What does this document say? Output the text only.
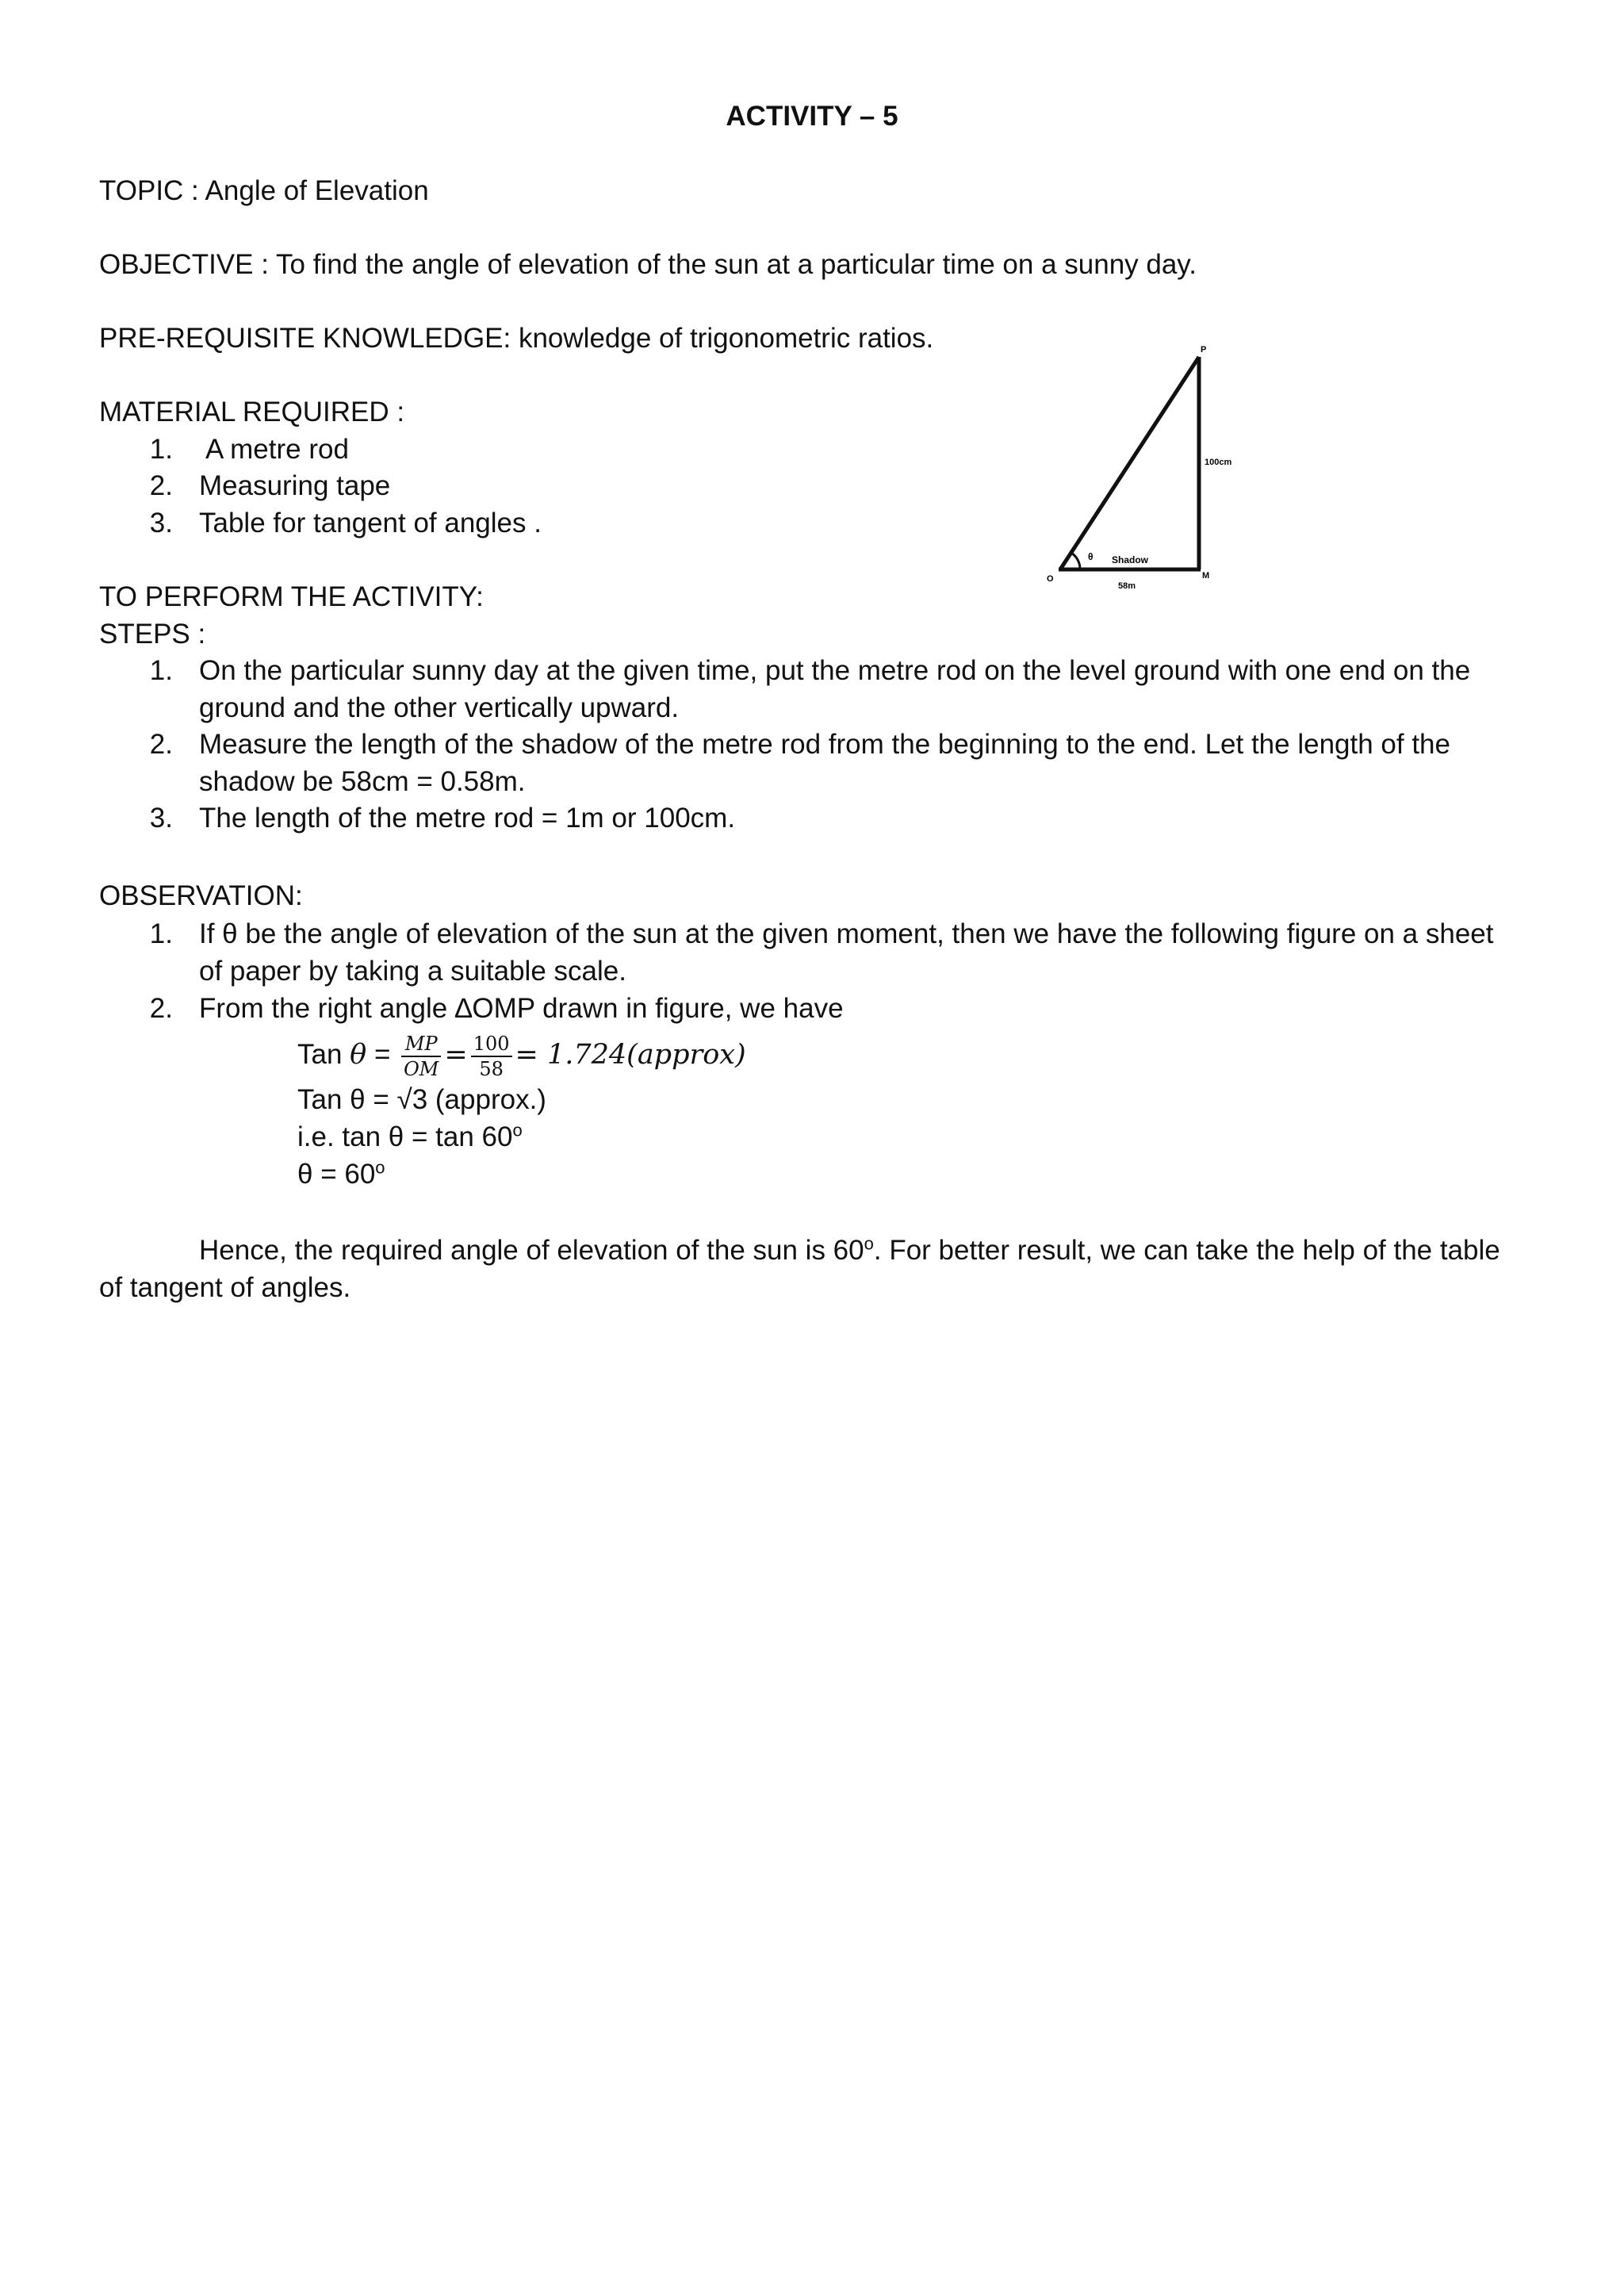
ACTIVITY – 5
TOPIC : Angle of Elevation
OBJECTIVE : To find the angle of elevation of the sun at a particular time on a sunny day.
PRE-REQUISITE KNOWLEDGE: knowledge of trigonometric ratios.
MATERIAL REQUIRED :
1. A metre rod
2. Measuring tape
3. Table for tangent of angles .
P
O	M
θ
100cm
Shadow
58m
TO PERFORM THE ACTIVITY:
STEPS :
1. On the particular sunny day at the given time, put the metre rod on the level ground with one end on the
ground and the other vertically upward.
2. Measure the length of the shadow of the metre rod from the beginning to the end. Let the length of the
shadow be 58cm = 0.58m.
3. The length of the metre rod = 1m or 100cm.
OBSERVATION:
1. If θ be the angle of elevation of the sun at the given moment, then we have the following figure on a sheet
of paper by taking a suitable scale.
2. From the right angle ∆OMP drawn in figure, we have
Tan $\theta = \frac{MP}{OM} = \frac{100}{58}$ = 1.724(approx)
Tan θ = √3 (approx.)
i.e. tan θ = tan 60$^o$
$\theta = 60^o$
Hence, the required angle of elevation of the sun is 60$^o$. For better result, we can take the help of the table
of tangent of angles.
